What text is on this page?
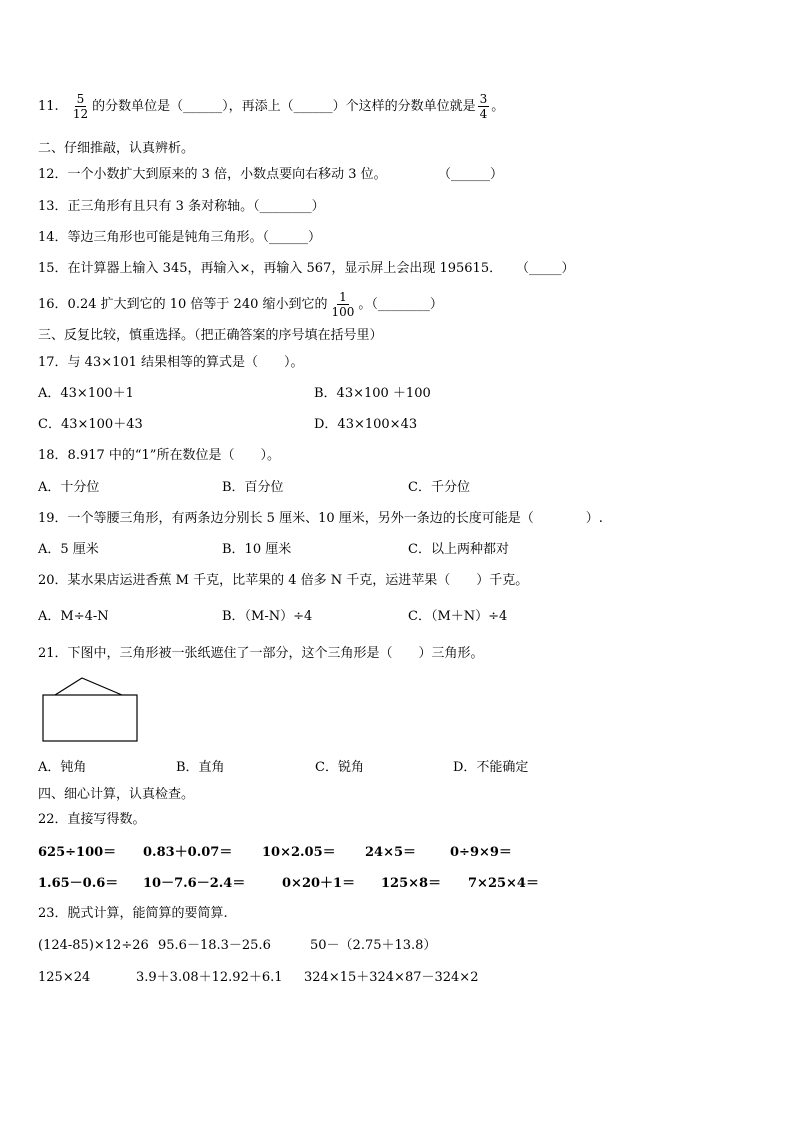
11. $\frac{5}{12}$ 的分数单位是（______），再添上（______）个这样的分数单位就是 $\frac{3}{4}$ 。
二、仔细推敲，认真辨析。
12．一个小数扩大到原来的 3 倍，小数点要向右移动 3 位。	（______）
13．正三角形有且只有 3 条对称轴。（________）
14．等边三角形也可能是钝角三角形。（______）
15．在计算器上输入 345，再输入×，再输入 567，显示屏上会出现 195615． （_____）
16．0.24 扩大到它的 10 倍等于 240 缩小到它的 $\frac{1}{100}$ 。（________）
三、反复比较，慎重选择。（把正确答案的序号填在括号里）
17．与 43×101 结果相等的算式是（　　）。
A．43×100＋1	B．43×100 ＋100
C．43×100＋43	D．43×100×43
18．8.917 中的“1”所在数位是（　　）。
A．十分位	B．百分位	C．千分位
19．一个等腰三角形，有两条边分别长 5 厘米、10 厘米，另外一条边的长度可能是（　　　　）.
A．5 厘米	B．10 厘米	C．以上两种都对
20．某水果店运进香蕉 M 千克，比苹果的 4 倍多 N 千克，运进苹果（　　）千克。
A．M÷4-N	B．（M-N）÷4	C．（M＋N）÷4
21．下图中，三角形被一张纸遮住了一部分，这个三角形是（　　）三角形。
A．钝角	B．直角	C．锐角	D．不能确定
四、细心计算，认真检查。
22．直接写得数。
625÷100＝ 0.83＋0.07＝ 10×2.05＝ 24×5＝	0÷9×9＝
1.65－0.6＝ 10－7.6－2.4＝	0×20＋1＝ 125×8＝ 7×25×4＝
23．脱式计算，能简算的要简算.
(124-85)×12÷26 95.6－18.3－25.6	50－（2.75＋13.8）
125×24	3.9＋3.08＋12.92＋6.1 324×15＋324×87－324×2
